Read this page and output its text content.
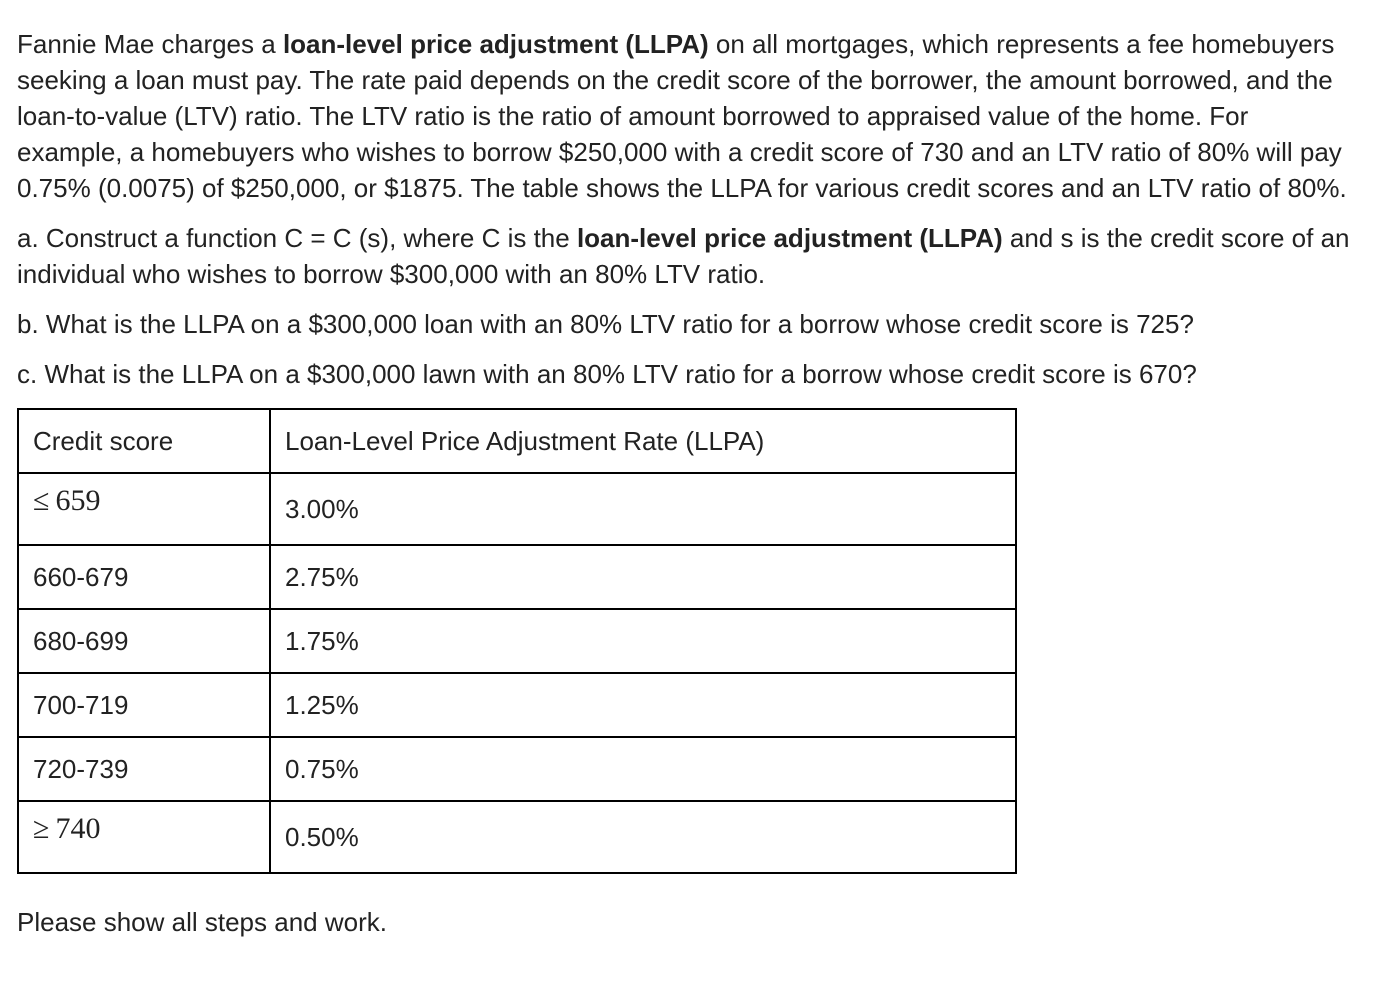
Fannie Mae charges a loan-level price adjustment (LLPA) on all mortgages, which represents a fee homebuyers seeking a loan must pay. The rate paid depends on the credit score of the borrower, the amount borrowed, and the loan-to-value (LTV) ratio. The LTV ratio is the ratio of amount borrowed to appraised value of the home. For example, a homebuyers who wishes to borrow $250,000 with a credit score of 730 and an LTV ratio of 80% will pay 0.75% (0.0075) of $250,000, or $1875. The table shows the LLPA for various credit scores and an LTV ratio of 80%.

a. Construct a function C = C (s), where C is the loan-level price adjustment (LLPA) and s is the credit score of an individual who wishes to borrow $300,000 with an 80% LTV ratio.

b. What is the LLPA on a $300,000 loan with an 80% LTV ratio for a borrow whose credit score is 725?

c. What is the LLPA on a $300,000 lawn with an 80% LTV ratio for a borrow whose credit score is 670?

Credit score	Loan-Level Price Adjustment Rate (LLPA)
≤ 659	3.00%
660-679	2.75%
680-699	1.75%
700-719	1.25%
720-739	0.75%
≥ 740	0.50%

Please show all steps and work.
